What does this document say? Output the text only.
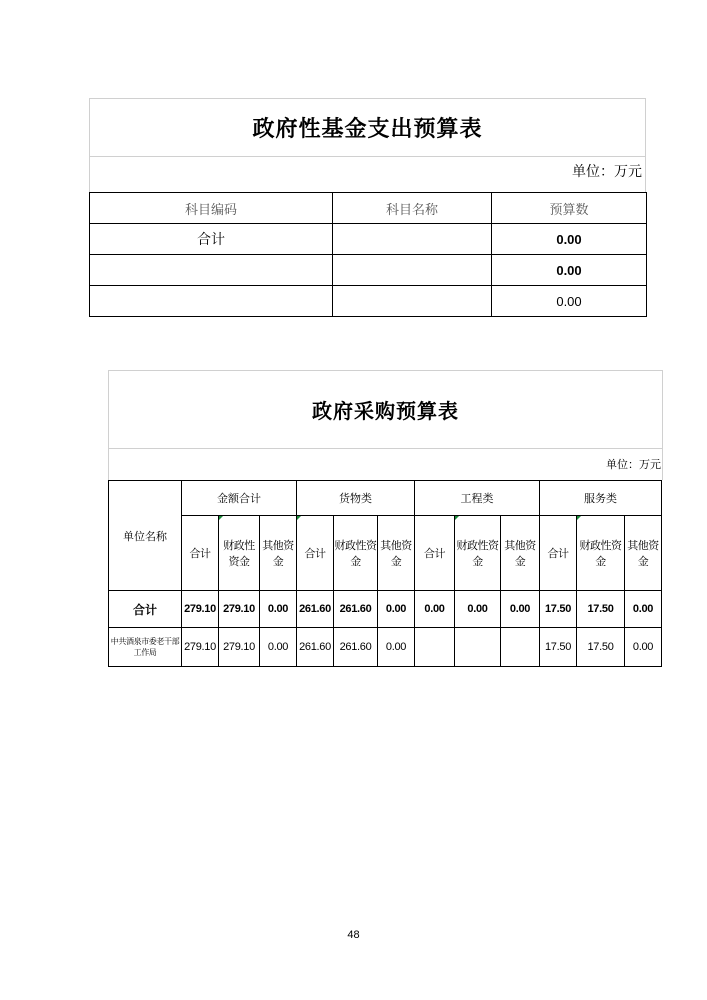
政府性基金支出预算表
单位：万元
科目编码	科目名称	预算数
合计		0.00
		0.00
		0.00
政府采购预算表
单位：万元
单位名称	金额合计			货物类			工程类			服务类		
	合计	财政性资金	其他资金	合计	财政性资金	其他资金	合计	财政性资金	其他资金	合计	财政性资金	其他资金
合计	279.10	279.10	0.00	261.60	261.60	0.00	0.00	0.00	0.00	17.50	17.50	0.00
中共酒泉市委老干部工作局	279.10	279.10	0.00	261.60	261.60	0.00				17.50	17.50	0.00
48
